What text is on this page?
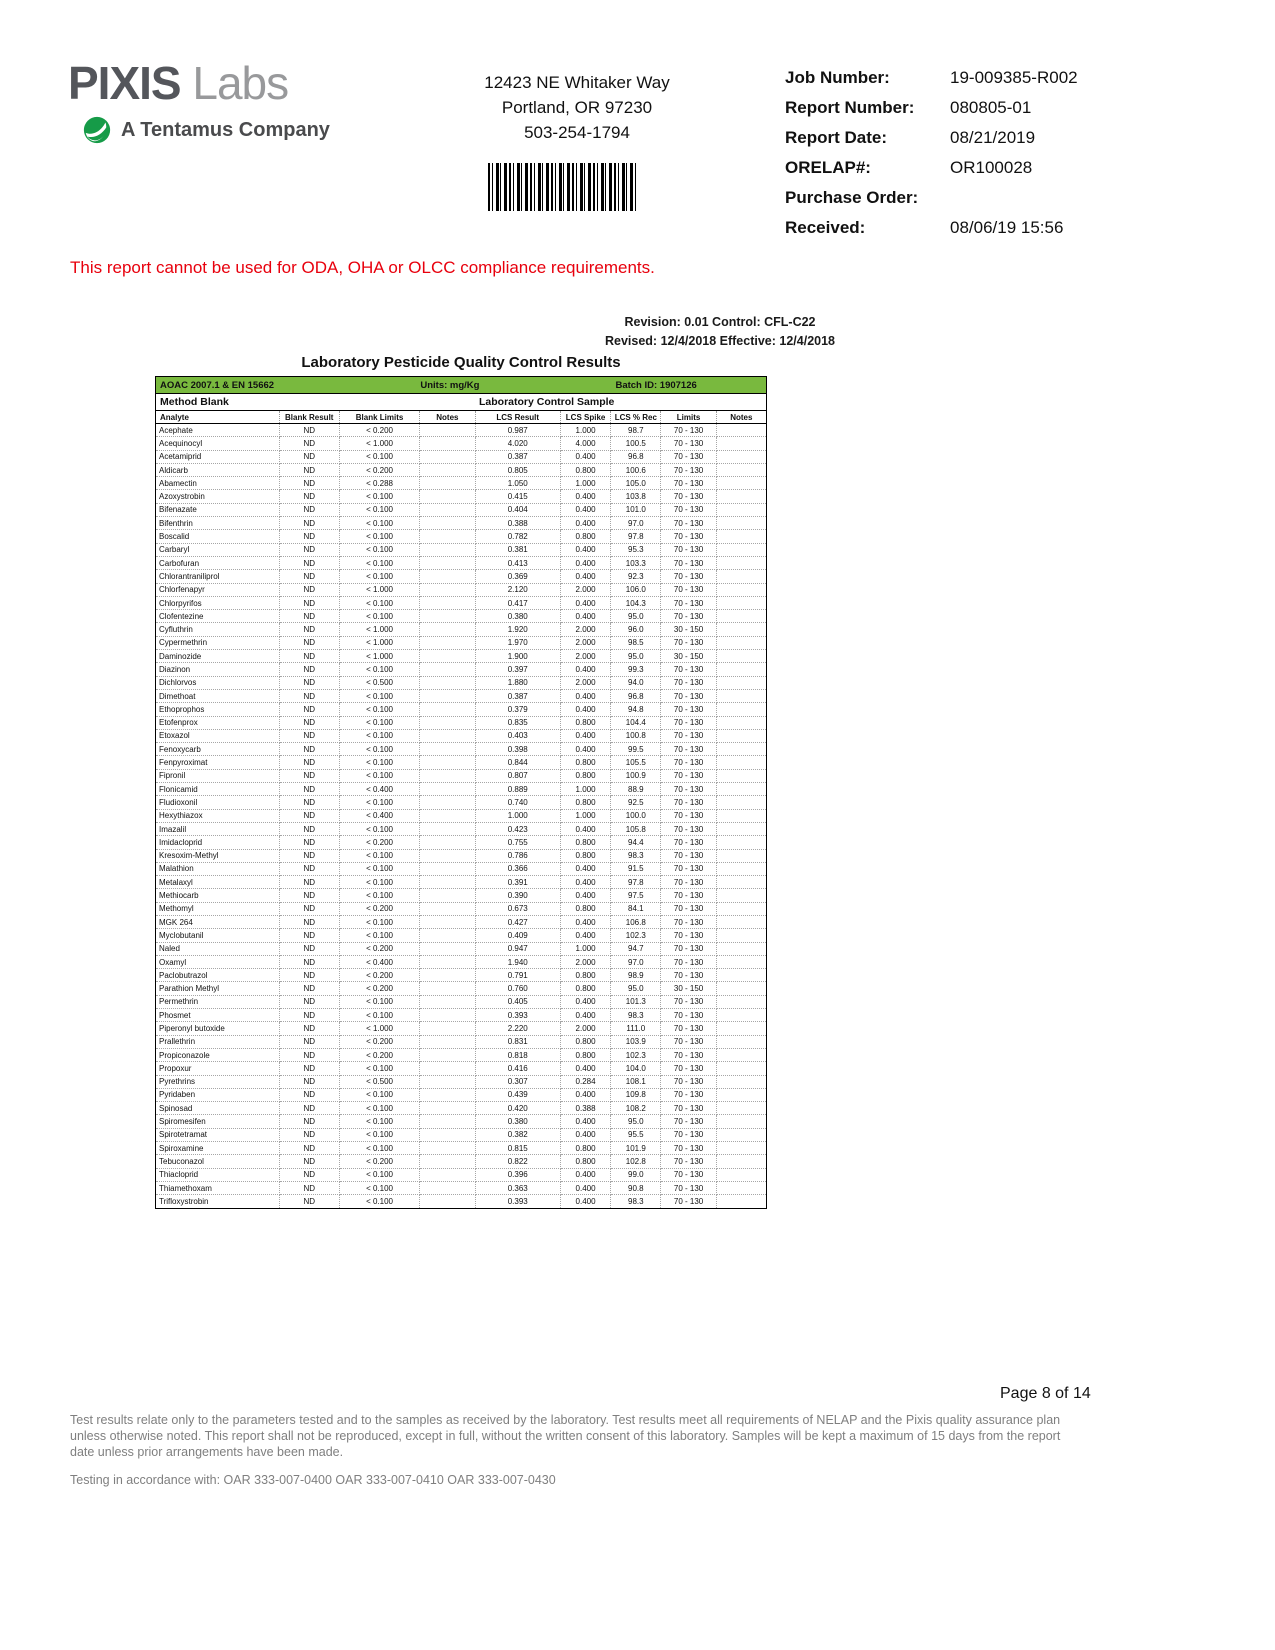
PIXIS Labs
A Tentamus Company
12423 NE Whitaker Way
Portland, OR 97230
503-254-1794
Job Number:	19-009385-R002
Report Number:	080805-01
Report Date:	08/21/2019
ORELAP#:	OR100028
Purchase Order:
Received:	08/06/19 15:56
This report cannot be used for ODA, OHA or OLCC compliance requirements.
Revision: 0.01 Control: CFL-C22
Revised: 12/4/2018 Effective: 12/4/2018
Laboratory Pesticide Quality Control Results
AOAC 2007.1 & EN 15662		Units: mg/Kg			Batch ID: 1907126			
Method Blank				Laboratory Control Sample				
Analyte	Blank Result	Blank Limits	Notes	LCS Result	LCS Spike	LCS % Rec	Limits	Notes
Acephate	ND	< 0.200		0.987	1.000	98.7	70 - 130	
Acequinocyl	ND	< 1.000		4.020	4.000	100.5	70 - 130	
Acetamiprid	ND	< 0.100		0.387	0.400	96.8	70 - 130	
Aldicarb	ND	< 0.200		0.805	0.800	100.6	70 - 130	
Abamectin	ND	< 0.288		1.050	1.000	105.0	70 - 130	
Azoxystrobin	ND	< 0.100		0.415	0.400	103.8	70 - 130	
Bifenazate	ND	< 0.100		0.404	0.400	101.0	70 - 130	
Bifenthrin	ND	< 0.100		0.388	0.400	97.0	70 - 130	
Boscalid	ND	< 0.100		0.782	0.800	97.8	70 - 130	
Carbaryl	ND	< 0.100		0.381	0.400	95.3	70 - 130	
Carbofuran	ND	< 0.100		0.413	0.400	103.3	70 - 130	
Chlorantraniliprol	ND	< 0.100		0.369	0.400	92.3	70 - 130	
Chlorfenapyr	ND	< 1.000		2.120	2.000	106.0	70 - 130	
Chlorpyrifos	ND	< 0.100		0.417	0.400	104.3	70 - 130	
Clofentezine	ND	< 0.100		0.380	0.400	95.0	70 - 130	
Cyfluthrin	ND	< 1.000		1.920	2.000	96.0	30 - 150	
Cypermethrin	ND	< 1.000		1.970	2.000	98.5	70 - 130	
Daminozide	ND	< 1.000		1.900	2.000	95.0	30 - 150	
Diazinon	ND	< 0.100		0.397	0.400	99.3	70 - 130	
Dichlorvos	ND	< 0.500		1.880	2.000	94.0	70 - 130	
Dimethoat	ND	< 0.100		0.387	0.400	96.8	70 - 130	
Ethoprophos	ND	< 0.100		0.379	0.400	94.8	70 - 130	
Etofenprox	ND	< 0.100		0.835	0.800	104.4	70 - 130	
Etoxazol	ND	< 0.100		0.403	0.400	100.8	70 - 130	
Fenoxycarb	ND	< 0.100		0.398	0.400	99.5	70 - 130	
Fenpyroximat	ND	< 0.100		0.844	0.800	105.5	70 - 130	
Fipronil	ND	< 0.100		0.807	0.800	100.9	70 - 130	
Flonicamid	ND	< 0.400		0.889	1.000	88.9	70 - 130	
Fludioxonil	ND	< 0.100		0.740	0.800	92.5	70 - 130	
Hexythiazox	ND	< 0.400		1.000	1.000	100.0	70 - 130	
Imazalil	ND	< 0.100		0.423	0.400	105.8	70 - 130	
Imidacloprid	ND	< 0.200		0.755	0.800	94.4	70 - 130	
Kresoxim-Methyl	ND	< 0.100		0.786	0.800	98.3	70 - 130	
Malathion	ND	< 0.100		0.366	0.400	91.5	70 - 130	
Metalaxyl	ND	< 0.100		0.391	0.400	97.8	70 - 130	
Methiocarb	ND	< 0.100		0.390	0.400	97.5	70 - 130	
Methomyl	ND	< 0.200		0.673	0.800	84.1	70 - 130	
MGK 264	ND	< 0.100		0.427	0.400	106.8	70 - 130	
Myclobutanil	ND	< 0.100		0.409	0.400	102.3	70 - 130	
Naled	ND	< 0.200		0.947	1.000	94.7	70 - 130	
Oxamyl	ND	< 0.400		1.940	2.000	97.0	70 - 130	
Paclobutrazol	ND	< 0.200		0.791	0.800	98.9	70 - 130	
Parathion Methyl	ND	< 0.200		0.760	0.800	95.0	30 - 150	
Permethrin	ND	< 0.100		0.405	0.400	101.3	70 - 130	
Phosmet	ND	< 0.100		0.393	0.400	98.3	70 - 130	
Piperonyl butoxide	ND	< 1.000		2.220	2.000	111.0	70 - 130	
Prallethrin	ND	< 0.200		0.831	0.800	103.9	70 - 130	
Propiconazole	ND	< 0.200		0.818	0.800	102.3	70 - 130	
Propoxur	ND	< 0.100		0.416	0.400	104.0	70 - 130	
Pyrethrins	ND	< 0.500		0.307	0.284	108.1	70 - 130	
Pyridaben	ND	< 0.100		0.439	0.400	109.8	70 - 130	
Spinosad	ND	< 0.100		0.420	0.388	108.2	70 - 130	
Spiromesifen	ND	< 0.100		0.380	0.400	95.0	70 - 130	
Spirotetramat	ND	< 0.100		0.382	0.400	95.5	70 - 130	
Spiroxamine	ND	< 0.100		0.815	0.800	101.9	70 - 130	
Tebuconazol	ND	< 0.200		0.822	0.800	102.8	70 - 130	
Thiacloprid	ND	< 0.100		0.396	0.400	99.0	70 - 130	
Thiamethoxam	ND	< 0.100		0.363	0.400	90.8	70 - 130	
Trifloxystrobin	ND	< 0.100		0.393	0.400	98.3	70 - 130	
Page 8 of 14
Test results relate only to the parameters tested and to the samples as received by the laboratory. Test results meet all requirements of NELAP and the Pixis quality assurance plan unless otherwise noted. This report shall not be reproduced, except in full, without the written consent of this laboratory. Samples will be kept a maximum of 15 days from the report date unless prior arrangements have been made.
Testing in accordance with: OAR 333-007-0400 OAR 333-007-0410 OAR 333-007-0430
